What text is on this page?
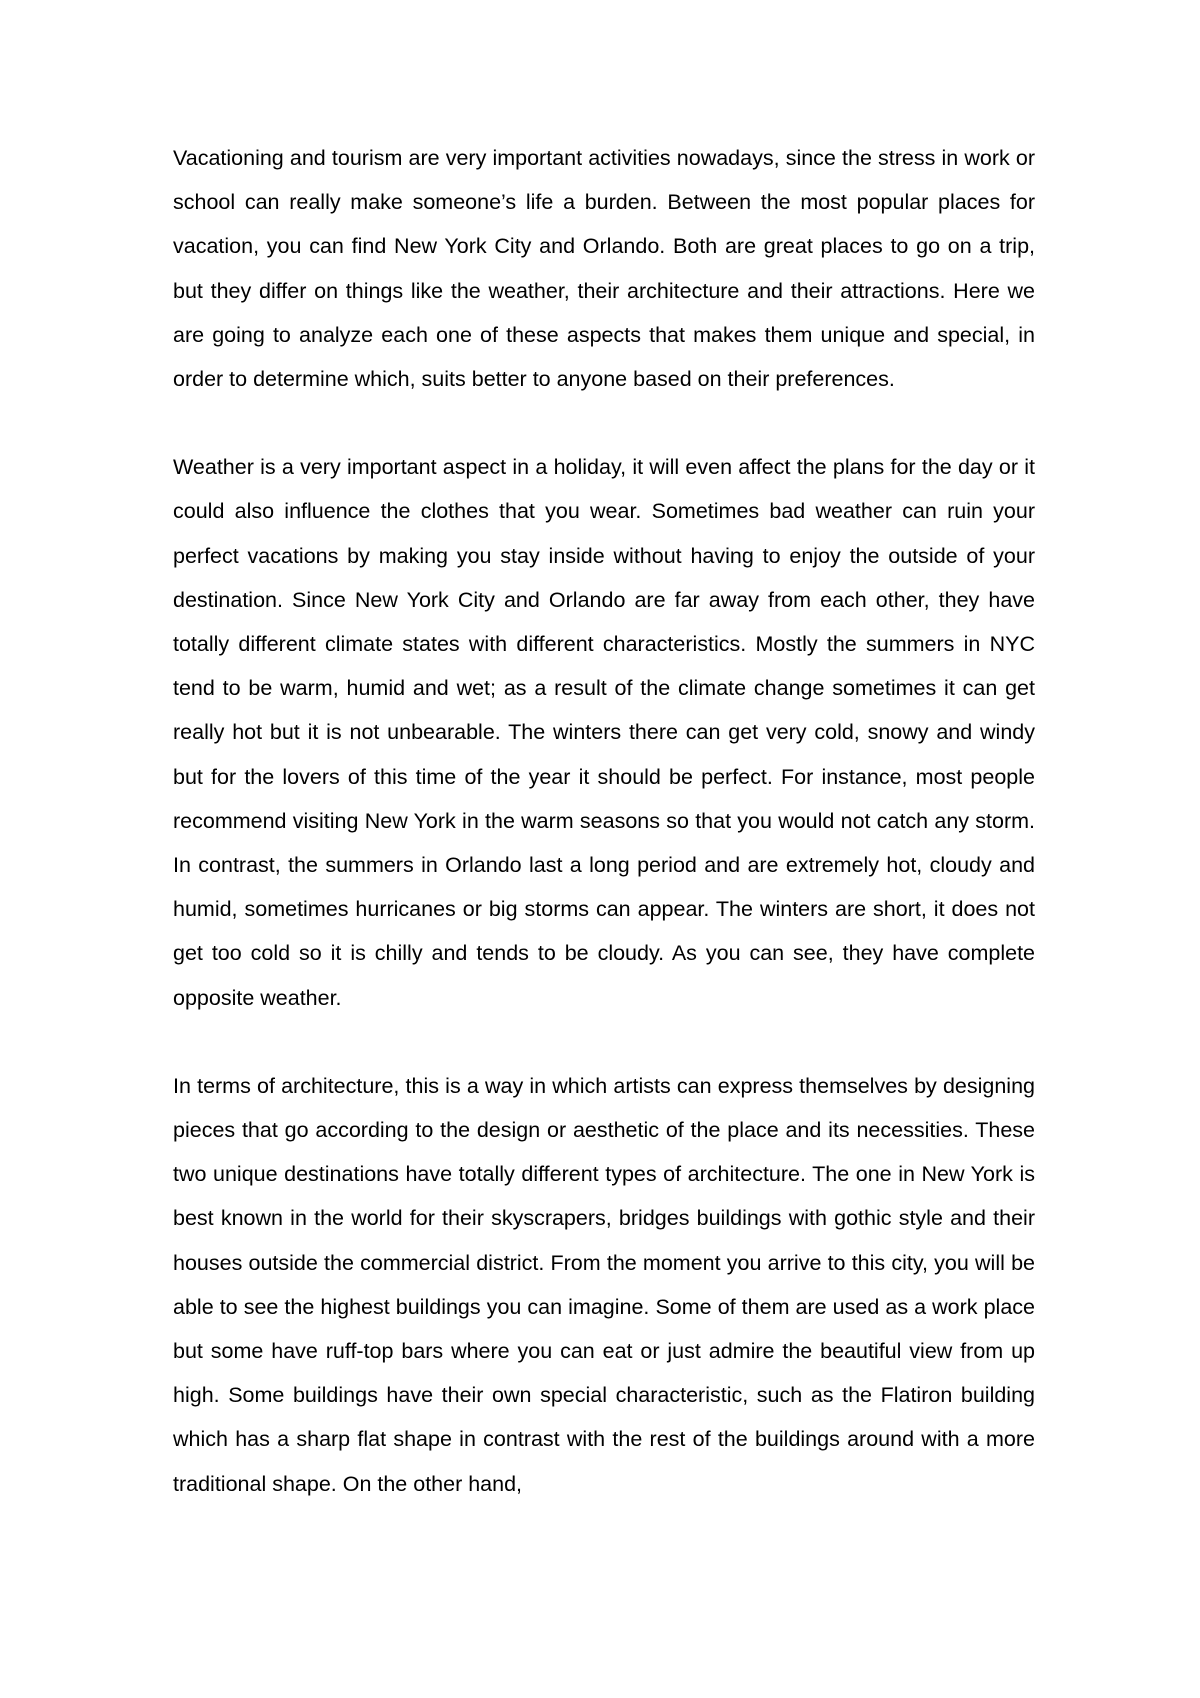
Vacationing and tourism are very important activities nowadays, since the stress in work or school can really make someone’s life a burden. Between the most popular places for vacation, you can find New York City and Orlando. Both are great places to go on a trip, but they differ on things like the weather, their architecture and their attractions. Here we are going to analyze each one of these aspects that makes them unique and special, in order to determine which, suits better to anyone based on their preferences.

Weather is a very important aspect in a holiday, it will even affect the plans for the day or it could also influence the clothes that you wear. Sometimes bad weather can ruin your perfect vacations by making you stay inside without having to enjoy the outside of your destination. Since New York City and Orlando are far away from each other, they have totally different climate states with different characteristics. Mostly the summers in NYC tend to be warm, humid and wet; as a result of the climate change sometimes it can get really hot but it is not unbearable. The winters there can get very cold, snowy and windy but for the lovers of this time of the year it should be perfect. For instance, most people recommend visiting New York in the warm seasons so that you would not catch any storm. In contrast, the summers in Orlando last a long period and are extremely hot, cloudy and humid, sometimes hurricanes or big storms can appear. The winters are short, it does not get too cold so it is chilly and tends to be cloudy. As you can see, they have complete opposite weather.

In terms of architecture, this is a way in which artists can express themselves by designing pieces that go according to the design or aesthetic of the place and its necessities. These two unique destinations have totally different types of architecture. The one in New York is best known in the world for their skyscrapers, bridges buildings with gothic style and their houses outside the commercial district. From the moment you arrive to this city, you will be able to see the highest buildings you can imagine. Some of them are used as a work place but some have ruff-top bars where you can eat or just admire the beautiful view from up high. Some buildings have their own special characteristic, such as the Flatiron building which has a sharp flat shape in contrast with the rest of the buildings around with a more traditional shape. On the other hand,
